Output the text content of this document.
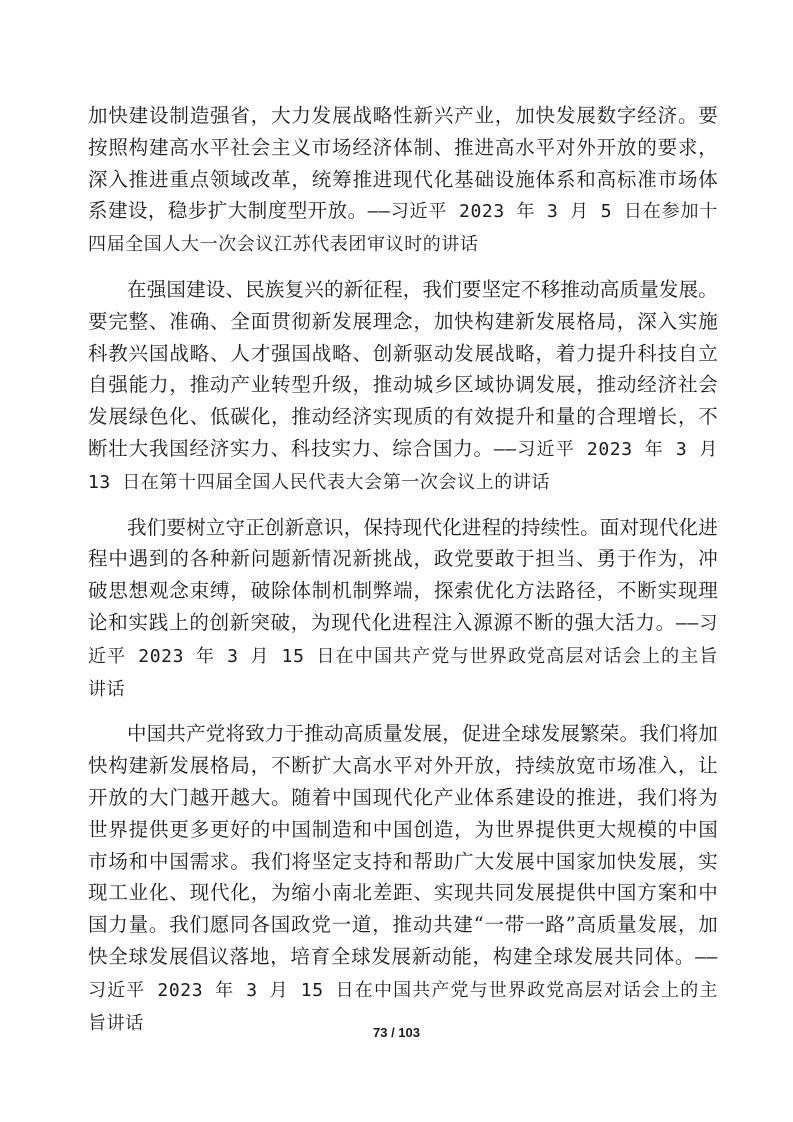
加快建设制造强省，大力发展战略性新兴产业，加快发展数字经济。要按照构建高水平社会主义市场经济体制、推进高水平对外开放的要求，深入推进重点领域改革，统筹推进现代化基础设施体系和高标准市场体系建设，稳步扩大制度型开放。——习近平 2023 年 3 月 5 日在参加十四届全国人大一次会议江苏代表团审议时的讲话

在强国建设、民族复兴的新征程，我们要坚定不移推动高质量发展。要完整、准确、全面贯彻新发展理念，加快构建新发展格局，深入实施科教兴国战略、人才强国战略、创新驱动发展战略，着力提升科技自立自强能力，推动产业转型升级，推动城乡区域协调发展，推动经济社会发展绿色化、低碳化，推动经济实现质的有效提升和量的合理增长，不断壮大我国经济实力、科技实力、综合国力。——习近平 2023 年 3 月 13 日在第十四届全国人民代表大会第一次会议上的讲话

我们要树立守正创新意识，保持现代化进程的持续性。面对现代化进程中遇到的各种新问题新情况新挑战，政党要敢于担当、勇于作为，冲破思想观念束缚，破除体制机制弊端，探索优化方法路径，不断实现理论和实践上的创新突破，为现代化进程注入源源不断的强大活力。——习近平 2023 年 3 月 15 日在中国共产党与世界政党高层对话会上的主旨讲话

中国共产党将致力于推动高质量发展，促进全球发展繁荣。我们将加快构建新发展格局，不断扩大高水平对外开放，持续放宽市场准入，让开放的大门越开越大。随着中国现代化产业体系建设的推进，我们将为世界提供更多更好的中国制造和中国创造，为世界提供更大规模的中国市场和中国需求。我们将坚定支持和帮助广大发展中国家加快发展，实现工业化、现代化，为缩小南北差距、实现共同发展提供中国方案和中国力量。我们愿同各国政党一道，推动共建“一带一路”高质量发展，加快全球发展倡议落地，培育全球发展新动能，构建全球发展共同体。——习近平 2023 年 3 月 15 日在中国共产党与世界政党高层对话会上的主旨讲话	73 / 103
